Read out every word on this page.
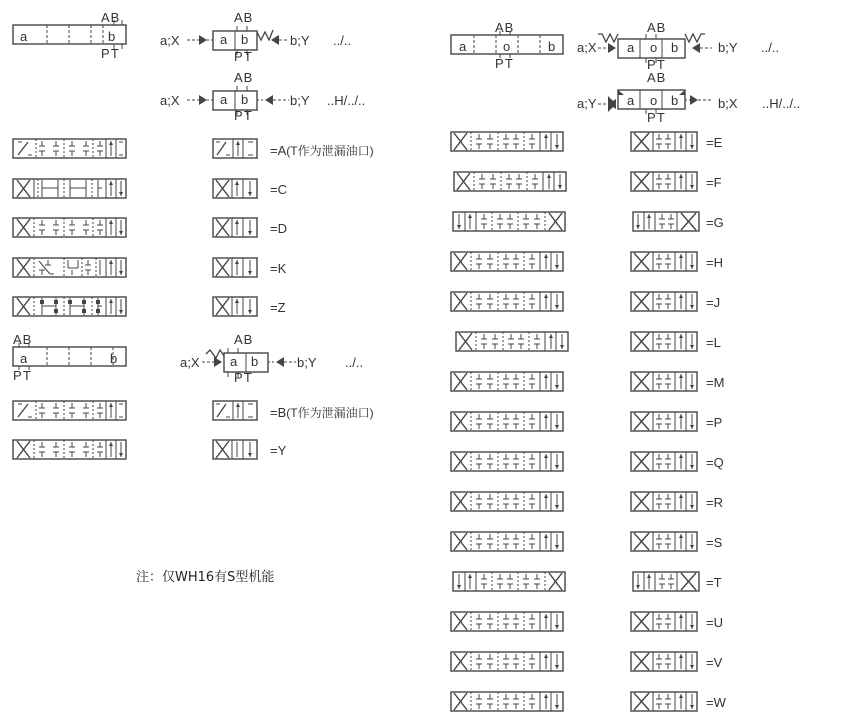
A B
a	b
P T
a;X
A B
a b
P T
b;Y ../..
a;X
A B
a b
P T
b;Y ..H/../..
=A(T作为泄漏油口)
=C
=D
=K
=Z
A B
a	b
P T
a;X
A B
a b
P T
b;Y ../..
=B(T作为泄漏油口)
=Y
注：仅WH16有S型机能
A B
a	o	b
P T
a;X
A B
a o b
P T
b;Y ../..
A B
a;Y a o b
P T
b;X ..H/../..
=E
=F
=G
=H
=J
=L
=M
=P
=Q
=R
=S
=T
=U
=V
=W
